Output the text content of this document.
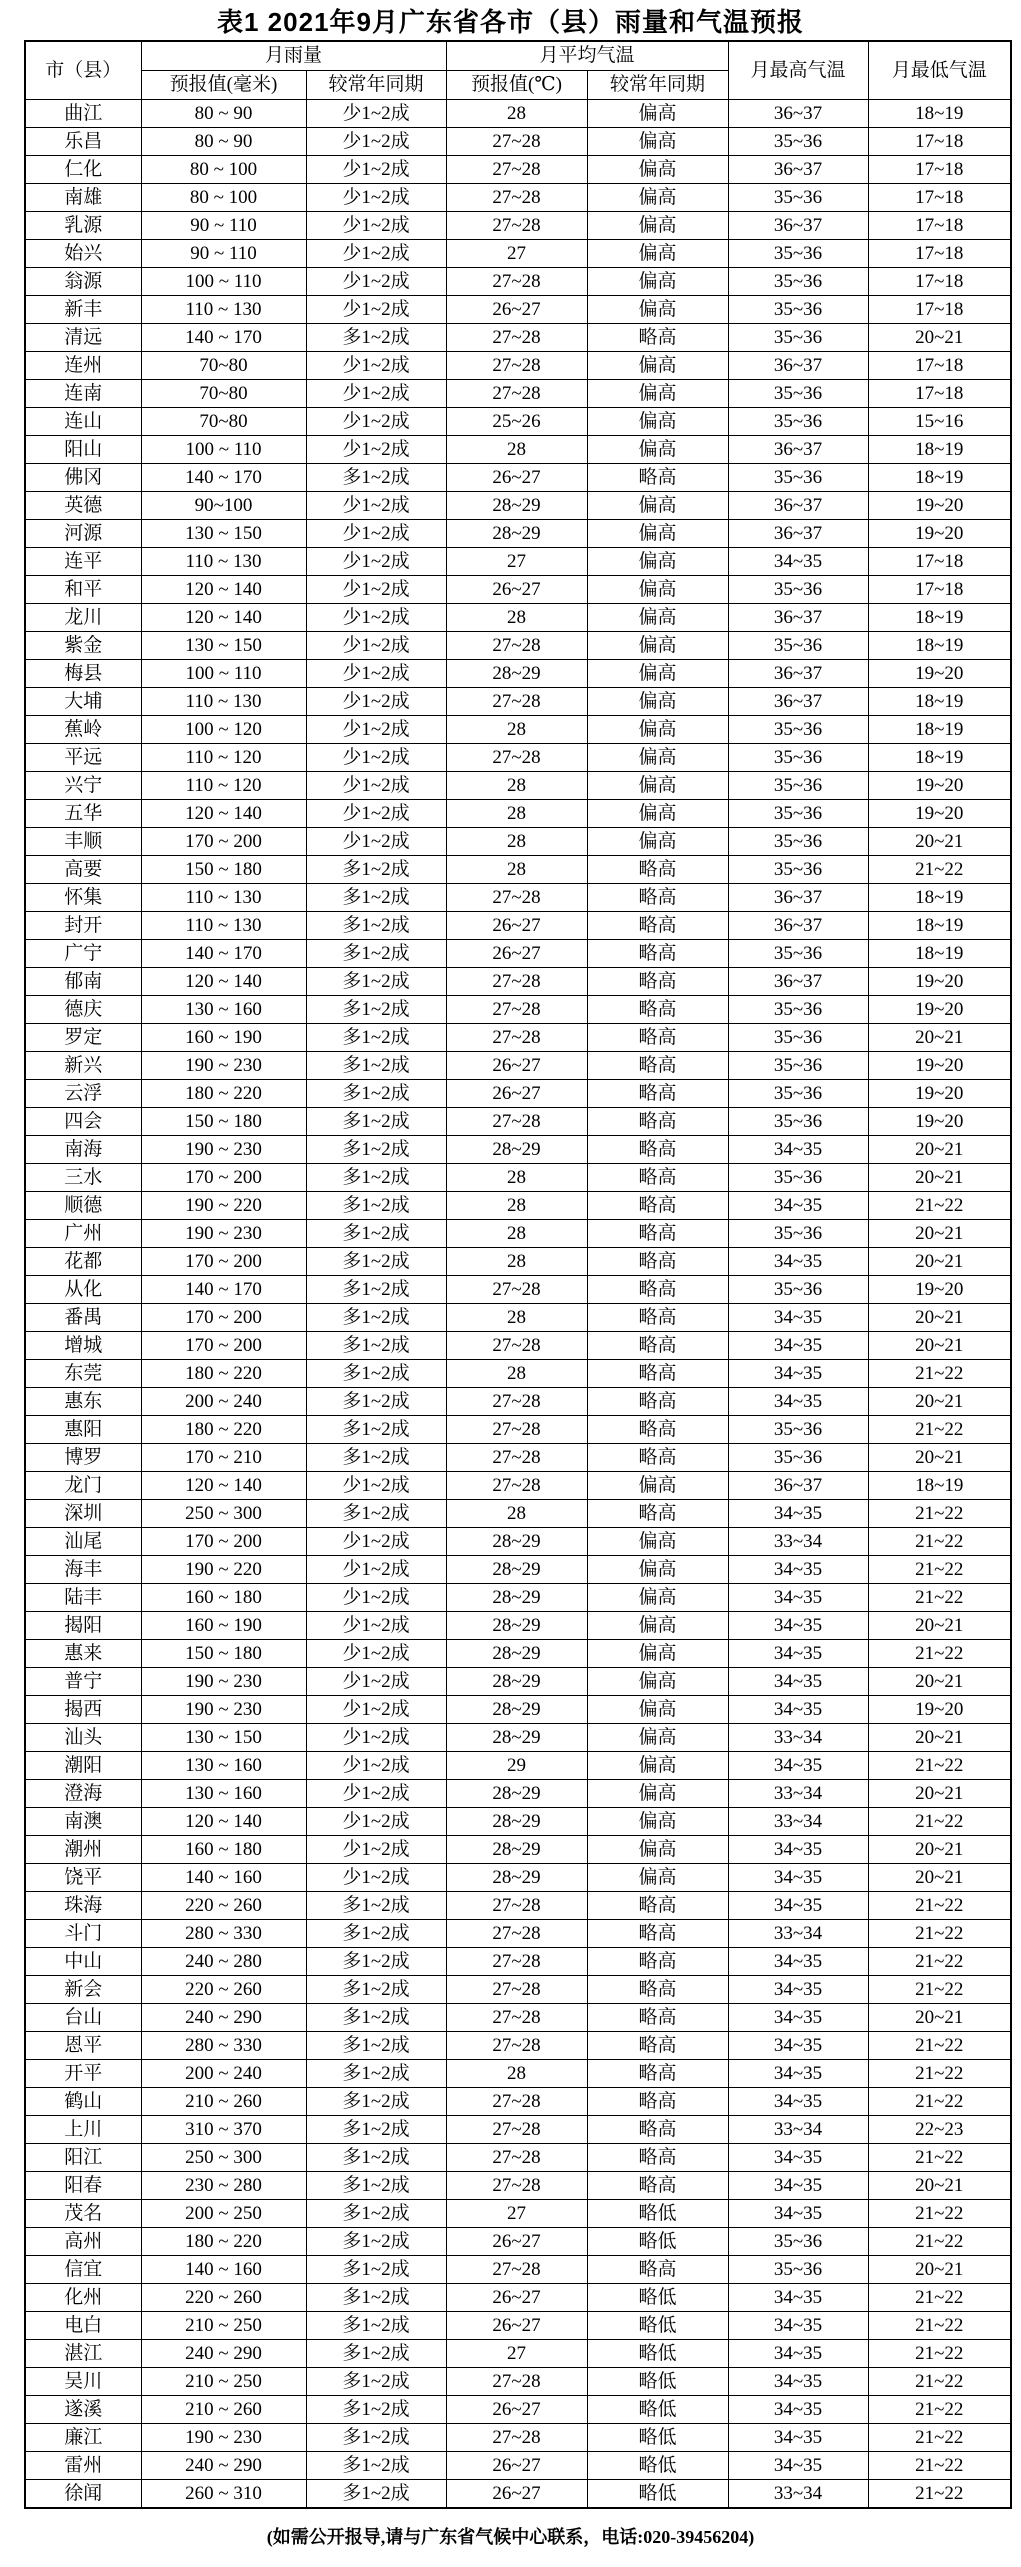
表1 2021年9月广东省各市（县）雨量和气温预报
市（县）	月雨量		月平均气温		月最高气温	月最低气温
	预报值(毫米)	较常年同期	预报值(℃)	较常年同期		
曲江	80 ~ 90	少1~2成	28	偏高	36~37	18~19
乐昌	80 ~ 90	少1~2成	27~28	偏高	35~36	17~18
仁化	80 ~ 100	少1~2成	27~28	偏高	36~37	17~18
南雄	80 ~ 100	少1~2成	27~28	偏高	35~36	17~18
乳源	90 ~ 110	少1~2成	27~28	偏高	36~37	17~18
始兴	90 ~ 110	少1~2成	27	偏高	35~36	17~18
翁源	100 ~ 110	少1~2成	27~28	偏高	35~36	17~18
新丰	110 ~ 130	少1~2成	26~27	偏高	35~36	17~18
清远	140 ~ 170	多1~2成	27~28	略高	35~36	20~21
连州	70~80	少1~2成	27~28	偏高	36~37	17~18
连南	70~80	少1~2成	27~28	偏高	35~36	17~18
连山	70~80	少1~2成	25~26	偏高	35~36	15~16
阳山	100 ~ 110	少1~2成	28	偏高	36~37	18~19
佛冈	140 ~ 170	多1~2成	26~27	略高	35~36	18~19
英德	90~100	少1~2成	28~29	偏高	36~37	19~20
河源	130 ~ 150	少1~2成	28~29	偏高	36~37	19~20
连平	110 ~ 130	少1~2成	27	偏高	34~35	17~18
和平	120 ~ 140	少1~2成	26~27	偏高	35~36	17~18
龙川	120 ~ 140	少1~2成	28	偏高	36~37	18~19
紫金	130 ~ 150	少1~2成	27~28	偏高	35~36	18~19
梅县	100 ~ 110	少1~2成	28~29	偏高	36~37	19~20
大埔	110 ~ 130	少1~2成	27~28	偏高	36~37	18~19
蕉岭	100 ~ 120	少1~2成	28	偏高	35~36	18~19
平远	110 ~ 120	少1~2成	27~28	偏高	35~36	18~19
兴宁	110 ~ 120	少1~2成	28	偏高	35~36	19~20
五华	120 ~ 140	少1~2成	28	偏高	35~36	19~20
丰顺	170 ~ 200	少1~2成	28	偏高	35~36	20~21
高要	150 ~ 180	多1~2成	28	略高	35~36	21~22
怀集	110 ~ 130	多1~2成	27~28	略高	36~37	18~19
封开	110 ~ 130	多1~2成	26~27	略高	36~37	18~19
广宁	140 ~ 170	多1~2成	26~27	略高	35~36	18~19
郁南	120 ~ 140	多1~2成	27~28	略高	36~37	19~20
德庆	130 ~ 160	多1~2成	27~28	略高	35~36	19~20
罗定	160 ~ 190	多1~2成	27~28	略高	35~36	20~21
新兴	190 ~ 230	多1~2成	26~27	略高	35~36	19~20
云浮	180 ~ 220	多1~2成	26~27	略高	35~36	19~20
四会	150 ~ 180	多1~2成	27~28	略高	35~36	19~20
南海	190 ~ 230	多1~2成	28~29	略高	34~35	20~21
三水	170 ~ 200	多1~2成	28	略高	35~36	20~21
顺德	190 ~ 220	多1~2成	28	略高	34~35	21~22
广州	190 ~ 230	多1~2成	28	略高	35~36	20~21
花都	170 ~ 200	多1~2成	28	略高	34~35	20~21
从化	140 ~ 170	多1~2成	27~28	略高	35~36	19~20
番禺	170 ~ 200	多1~2成	28	略高	34~35	20~21
增城	170 ~ 200	多1~2成	27~28	略高	34~35	20~21
东莞	180 ~ 220	多1~2成	28	略高	34~35	21~22
惠东	200 ~ 240	多1~2成	27~28	略高	34~35	20~21
惠阳	180 ~ 220	多1~2成	27~28	略高	35~36	21~22
博罗	170 ~ 210	多1~2成	27~28	略高	35~36	20~21
龙门	120 ~ 140	少1~2成	27~28	偏高	36~37	18~19
深圳	250 ~ 300	多1~2成	28	略高	34~35	21~22
汕尾	170 ~ 200	少1~2成	28~29	偏高	33~34	21~22
海丰	190 ~ 220	少1~2成	28~29	偏高	34~35	21~22
陆丰	160 ~ 180	少1~2成	28~29	偏高	34~35	21~22
揭阳	160 ~ 190	少1~2成	28~29	偏高	34~35	20~21
惠来	150 ~ 180	少1~2成	28~29	偏高	34~35	21~22
普宁	190 ~ 230	少1~2成	28~29	偏高	34~35	20~21
揭西	190 ~ 230	少1~2成	28~29	偏高	34~35	19~20
汕头	130 ~ 150	少1~2成	28~29	偏高	33~34	20~21
潮阳	130 ~ 160	少1~2成	29	偏高	34~35	21~22
澄海	130 ~ 160	少1~2成	28~29	偏高	33~34	20~21
南澳	120 ~ 140	少1~2成	28~29	偏高	33~34	21~22
潮州	160 ~ 180	少1~2成	28~29	偏高	34~35	20~21
饶平	140 ~ 160	少1~2成	28~29	偏高	34~35	20~21
珠海	220 ~ 260	多1~2成	27~28	略高	34~35	21~22
斗门	280 ~ 330	多1~2成	27~28	略高	33~34	21~22
中山	240 ~ 280	多1~2成	27~28	略高	34~35	21~22
新会	220 ~ 260	多1~2成	27~28	略高	34~35	21~22
台山	240 ~ 290	多1~2成	27~28	略高	34~35	20~21
恩平	280 ~ 330	多1~2成	27~28	略高	34~35	21~22
开平	200 ~ 240	多1~2成	28	略高	34~35	21~22
鹤山	210 ~ 260	多1~2成	27~28	略高	34~35	21~22
上川	310 ~ 370	多1~2成	27~28	略高	33~34	22~23
阳江	250 ~ 300	多1~2成	27~28	略高	34~35	21~22
阳春	230 ~ 280	多1~2成	27~28	略高	34~35	20~21
茂名	200 ~ 250	多1~2成	27	略低	34~35	21~22
高州	180 ~ 220	多1~2成	26~27	略低	35~36	21~22
信宜	140 ~ 160	多1~2成	27~28	略高	35~36	20~21
化州	220 ~ 260	多1~2成	26~27	略低	34~35	21~22
电白	210 ~ 250	多1~2成	26~27	略低	34~35	21~22
湛江	240 ~ 290	多1~2成	27	略低	34~35	21~22
吴川	210 ~ 250	多1~2成	27~28	略低	34~35	21~22
遂溪	210 ~ 260	多1~2成	26~27	略低	34~35	21~22
廉江	190 ~ 230	多1~2成	27~28	略低	34~35	21~22
雷州	240 ~ 290	多1~2成	26~27	略低	34~35	21~22
徐闻	260 ~ 310	多1~2成	26~27	略低	33~34	21~22
(如需公开报导,请与广东省气候中心联系，电话:020-39456204)
